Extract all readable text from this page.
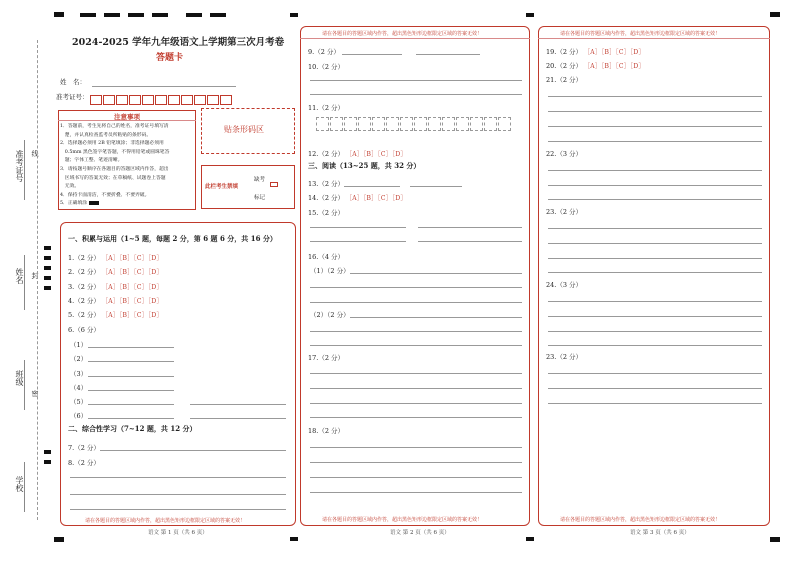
准考证号 线
姓名 封
班级
密
学校
2024-2025 学年九年级语文上学期第三次月考卷
答题卡
姓　名：
准考证号：
注意事项
1．答题前，考生先将自己的姓名，准考证号填写清
　楚，并认真检查监考员所粘贴的条形码。
2．选择题必须用 2B 铅笔填涂；非选择题必须用
　0.5mm 黑色签字笔答题，不得用铅笔或圆珠笔答
　题；字体工整、笔迹清晰。
3．请按题号顺序在各题目的答题区域内作答，超出
　区域书写的答案无效；在草稿纸、试题卷上答题
　无效。
4．保持卡面清洁，不要折叠、不要弄破。
5．正确填涂
贴条形码区
此栏考生禁填
缺考
标记
一、积累与运用（1~5 题，每题 2 分，第 6 题 6 分，共 16 分）
1.（2 分） ［A］［B］［C］［D］
2.（2 分） ［A］［B］［C］［D］
3.（2 分） ［A］［B］［C］［D］
4.（2 分） ［A］［B］［C］［D］
5.（2 分） ［A］［B］［C］［D］
6.（6 分）
（1）
（2）
（3）
（4）
（5）
（6）
二、综合性学习（7~12 题，共 12 分）
7.（2 分）
8.（2 分）
请在各题目的答题区域内作答，超出黑色矩形边框限定区域的答案无效！
语文 第 1 页（共 6 页）
请在各题目的答题区域内作答，超出黑色矩形边框限定区域的答案无效！
9.（2 分）
10.（2 分）
11.（2 分）
12.（2 分） ［A］［B］［C］［D］
三、阅读（13~25 题，共 32 分）
13.（2 分）
14.（2 分） ［A］［B］［C］［D］
15.（2 分）
16.（4 分）
（1）（2 分）
（2）（2 分）
17.（2 分）
18.（2 分）
请在各题目的答题区域内作答，超出黑色矩形边框限定区域的答案无效！
语文 第 2 页（共 6 页）
请在各题目的答题区域内作答，超出黑色矩形边框限定区域的答案无效！
19.（2 分） ［A］［B］［C］［D］
20.（2 分） ［A］［B］［C］［D］
21.（2 分）
22.（3 分）
23.（2 分）
24.（3 分）
23.（2 分）
请在各题目的答题区域内作答，超出黑色矩形边框限定区域的答案无效！
语文 第 3 页（共 6 页）
